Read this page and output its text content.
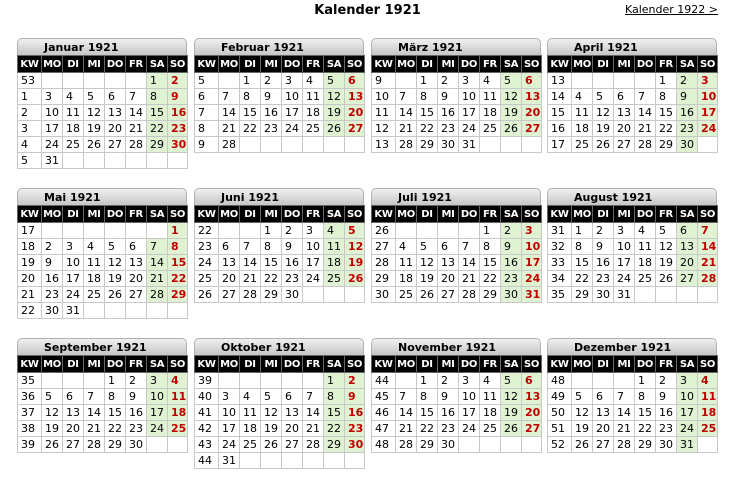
Kalender 1921	Kalender 1922 >
Januar 1921
KW	MO	DI	MI	DO	FR	SA	SO
53						1	2
1	3	4	5	6	7	8	9
2	10	11	12	13	14	15	16
3	17	18	19	20	21	22	23
4	24	25	26	27	28	29	30
5	31						
Februar 1921
KW	MO	DI	MI	DO	FR	SA	SO
5		1	2	3	4	5	6
6	7	8	9	10	11	12	13
7	14	15	16	17	18	19	20
8	21	22	23	24	25	26	27
9	28						
März 1921
KW	MO	DI	MI	DO	FR	SA	SO
9		1	2	3	4	5	6
10	7	8	9	10	11	12	13
11	14	15	16	17	18	19	20
12	21	22	23	24	25	26	27
13	28	29	30	31			
April 1921
KW	MO	DI	MI	DO	FR	SA	SO
13					1	2	3
14	4	5	6	7	8	9	10
15	11	12	13	14	15	16	17
16	18	19	20	21	22	23	24
17	25	26	27	28	29	30	
Mai 1921
KW	MO	DI	MI	DO	FR	SA	SO
17							1
18	2	3	4	5	6	7	8
19	9	10	11	12	13	14	15
20	16	17	18	19	20	21	22
21	23	24	25	26	27	28	29
22	30	31					
Juni 1921
KW	MO	DI	MI	DO	FR	SA	SO
22			1	2	3	4	5
23	6	7	8	9	10	11	12
24	13	14	15	16	17	18	19
25	20	21	22	23	24	25	26
26	27	28	29	30			
Juli 1921
KW	MO	DI	MI	DO	FR	SA	SO
26					1	2	3
27	4	5	6	7	8	9	10
28	11	12	13	14	15	16	17
29	18	19	20	21	22	23	24
30	25	26	27	28	29	30	31
August 1921
KW	MO	DI	MI	DO	FR	SA	SO
31	1	2	3	4	5	6	7
32	8	9	10	11	12	13	14
33	15	16	17	18	19	20	21
34	22	23	24	25	26	27	28
35	29	30	31				
September 1921
KW	MO	DI	MI	DO	FR	SA	SO
35				1	2	3	4
36	5	6	7	8	9	10	11
37	12	13	14	15	16	17	18
38	19	20	21	22	23	24	25
39	26	27	28	29	30		
Oktober 1921
KW	MO	DI	MI	DO	FR	SA	SO
39						1	2
40	3	4	5	6	7	8	9
41	10	11	12	13	14	15	16
42	17	18	19	20	21	22	23
43	24	25	26	27	28	29	30
44	31						
November 1921
KW	MO	DI	MI	DO	FR	SA	SO
44		1	2	3	4	5	6
45	7	8	9	10	11	12	13
46	14	15	16	17	18	19	20
47	21	22	23	24	25	26	27
48	28	29	30				
Dezember 1921
KW	MO	DI	MI	DO	FR	SA	SO
48				1	2	3	4
49	5	6	7	8	9	10	11
50	12	13	14	15	16	17	18
51	19	20	21	22	23	24	25
52	26	27	28	29	30	31	
